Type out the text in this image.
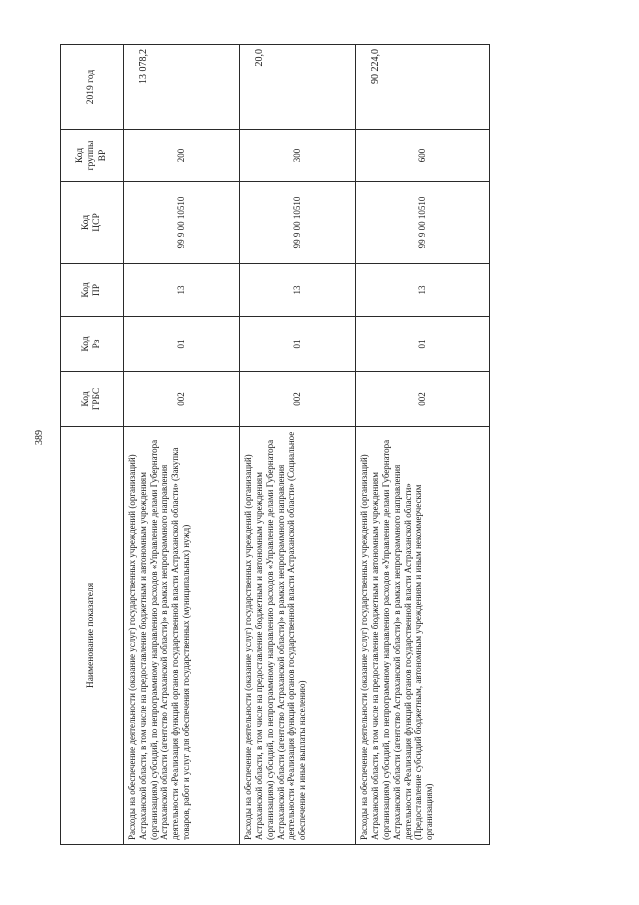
389
Наименование показателя	Код ГРБС	Код Рз	Код ПР	Код ЦСР	Код группы ВР	2019 год
Расходы на обеспечение деятельности (оказание услуг) государственных учреждений (организаций) Астраханской области, в том числе на предоставление бюджетным и автономным учреждениям (организациям) субсидий, по непрограммному направлению расходов «Управление делами Губернатора Астраханской области (агентство Астраханской области)» в рамках непрограммного направления деятельности «Реализация функций органов государственной власти Астраханской области» (Закупка товаров, работ и услуг для обеспечения государственных (муниципальных) нужд)	002	01	13	99 9 00 10510	200	13 078,2
Расходы на обеспечение деятельности (оказание услуг) государственных учреждений (организаций) Астраханской области, в том числе на предоставление бюджетным и автономным учреждениям (организациям) субсидий, по непрограммному направлению расходов «Управление делами Губернатора Астраханской области (агентство Астраханской области)» в рамках непрограммного направления деятельности «Реализация функций органов государственной власти Астраханской области» (Социальное обеспечение и иные выплаты населению)	002	01	13	99 9 00 10510	300	20,0
Расходы на обеспечение деятельности (оказание услуг) государственных учреждений (организаций) Астраханской области, в том числе на предоставление бюджетным и автономным учреждениям (организациям) субсидий, по непрограммному направлению расходов «Управление делами Губернатора Астраханской области (агентство Астраханской области)» в рамках непрограммного направления деятельности «Реализация функций органов государственной власти Астраханской области» (Предоставление субсидий бюджетным, автономным учреждениям и иным некоммерческим организациям)	002	01	13	99 9 00 10510	600	90 224,0
